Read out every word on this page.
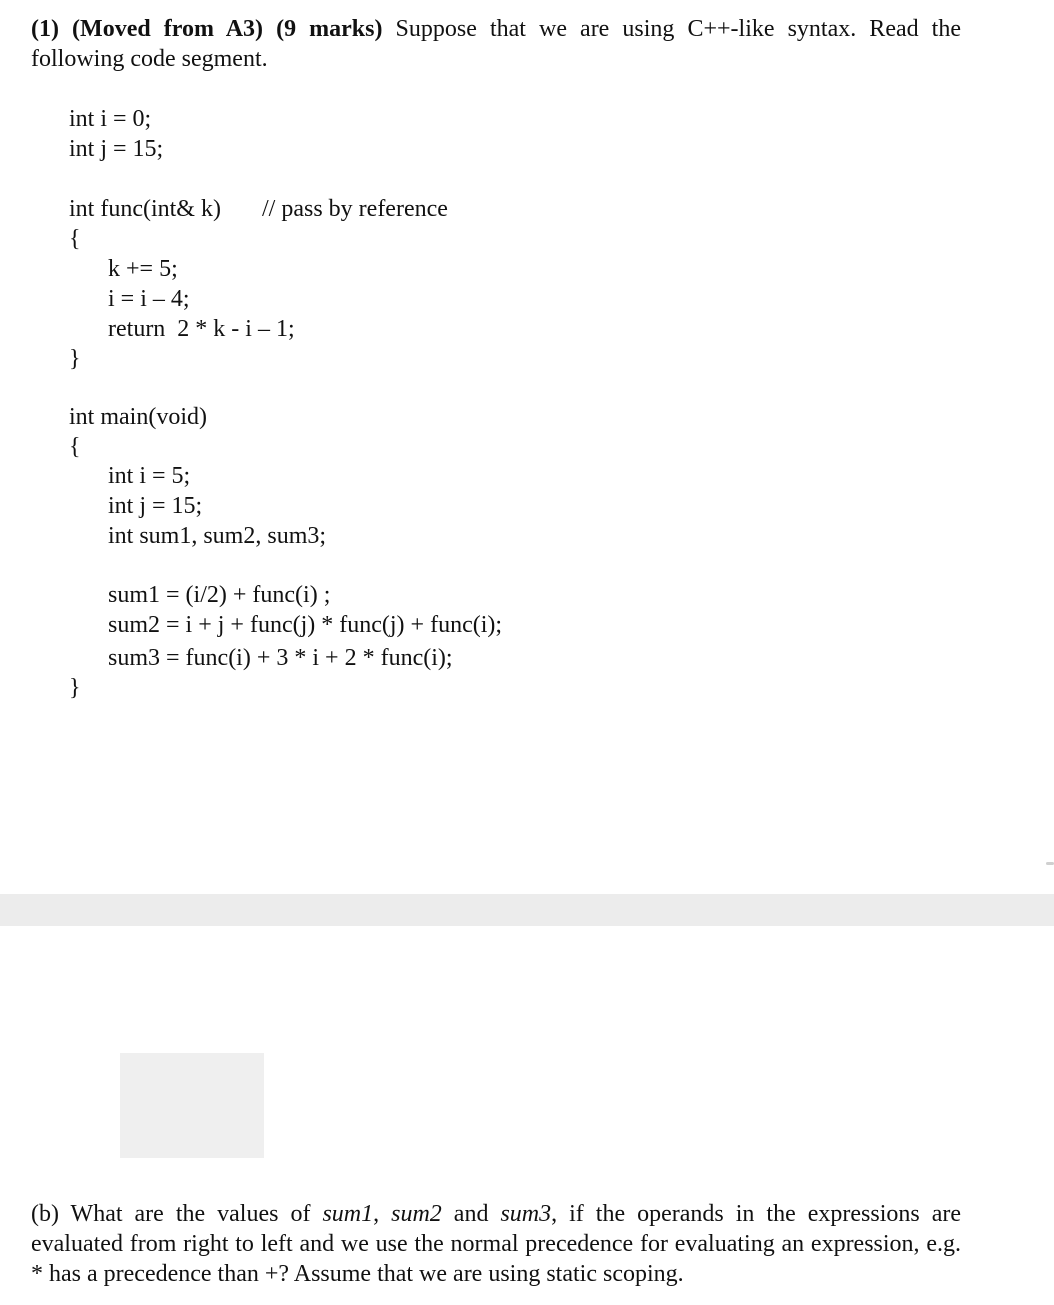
(1) (Moved from A3) (9 marks) Suppose that we are using C++-like syntax. Read the following code segment.
int i = 0;
int j = 15;
int func(int& k) // pass by reference
{
k += 5;
i = i – 4;
return  2 * k - i – 1;
}
int main(void)
{
int i = 5;
int j = 15;
int sum1, sum2, sum3;
sum1 = (i/2) + func(i) ;
sum2 = i + j + func(j) * func(j) + func(i);
sum3 = func(i) + 3 * i + 2 * func(i);
}
(b) What are the values of sum1, sum2 and sum3, if the operands in the expressions are evaluated from right to left and we use the normal precedence for evaluating an expression, e.g. * has a precedence than +? Assume that we are using static scoping.
